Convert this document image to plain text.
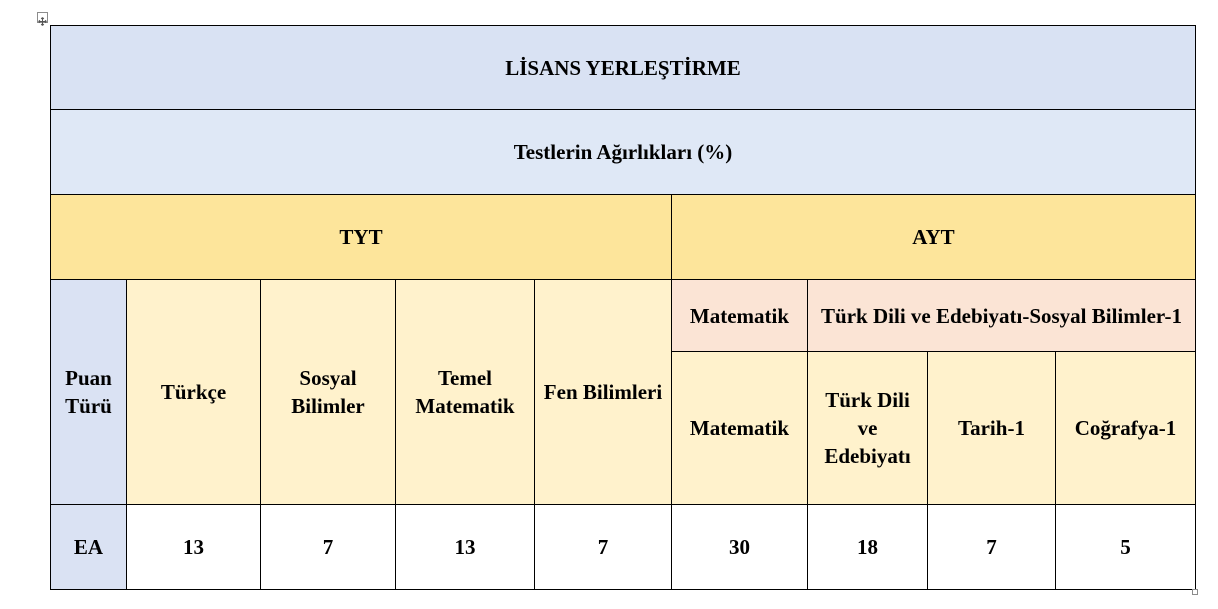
LİSANS YERLEŞTİRME								
Testlerin Ağırlıkları (%)								
TYT					AYT			
Puan Türü	Türkçe	Sosyal Bilimler	Temel Matematik	Fen Bilimleri	Matematik	Türk Dili ve Edebiyatı-Sosyal Bilimler-1		
					Matematik	Türk Dili ve Edebiyatı	Tarih-1	Coğrafya-1
EA	13	7	13	7	30	18	7	5
